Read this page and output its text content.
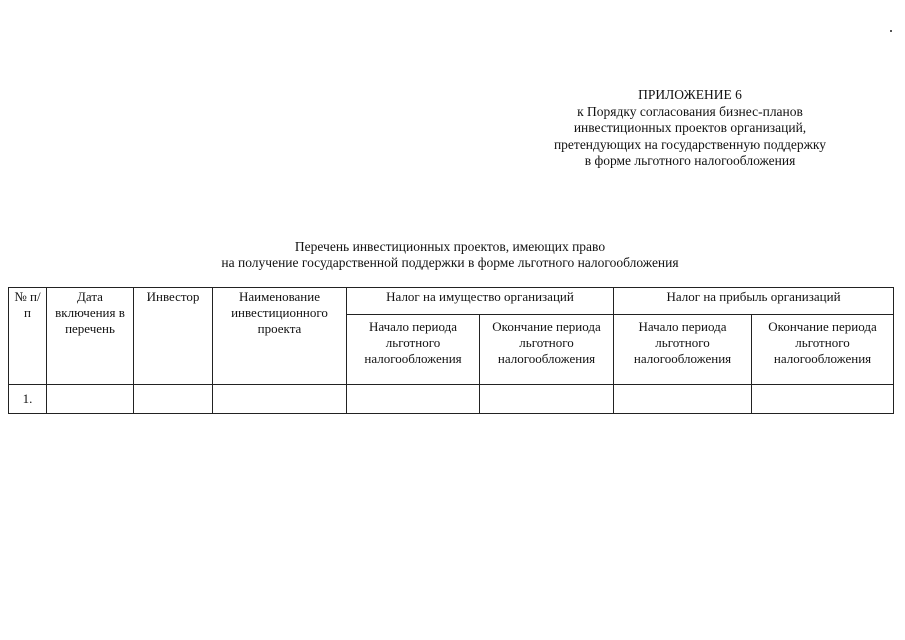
ПРИЛОЖЕНИЕ 6
к Порядку согласования бизнес-планов
инвестиционных проектов организаций,
претендующих на государственную поддержку
в форме льготного налогообложения
Перечень инвестиционных проектов, имеющих право
на получение государственной поддержки в форме льготного налогообложения
№ п/п	Дата включения в перечень	Инвестор	Наименование инвестиционного проекта	Налог на имущество организаций		Налог на прибыль организаций	
				Начало периода льготного налогообложения	Окончание периода льготного налогообложения	Начало периода льготного налогообложения	Окончание периода льготного налогообложения
1.							
